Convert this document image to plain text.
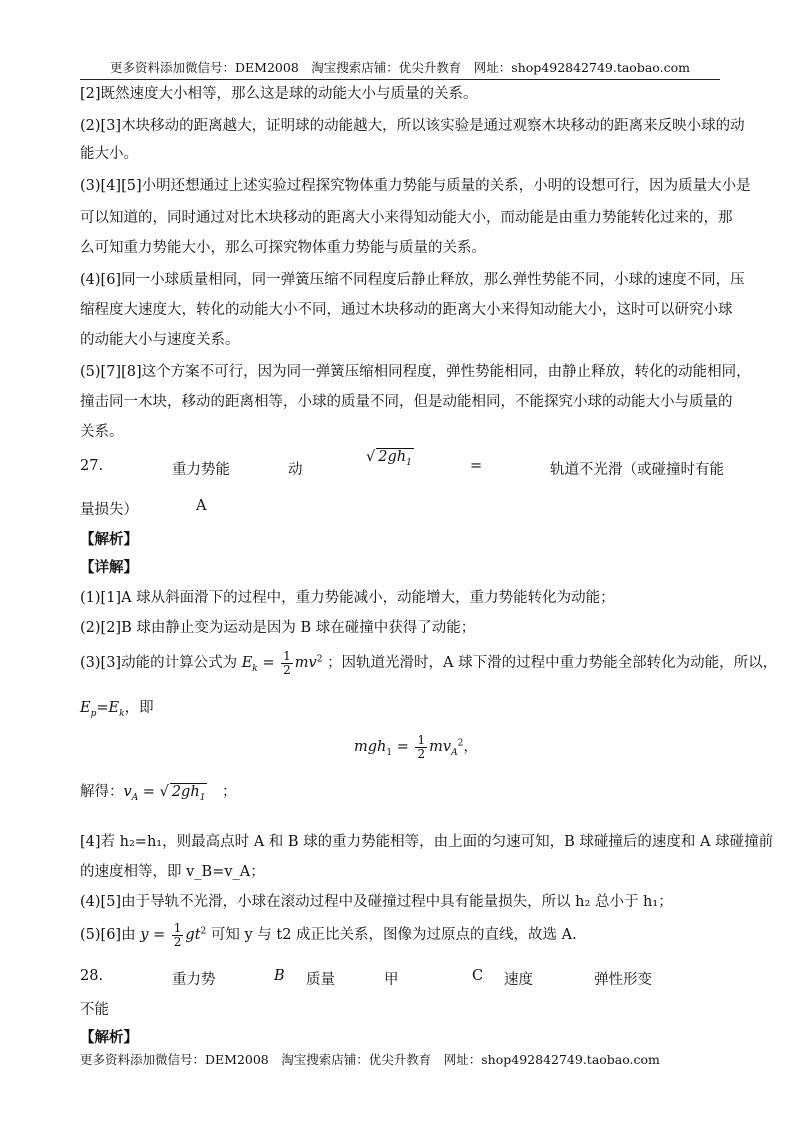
更多资料添加微信号：DEM2008　淘宝搜索店铺：优尖升教育　网址：shop492842749.taobao.com
[2]既然速度大小相等，那么这是球的动能大小与质量的关系。
(2)[3]木块移动的距离越大，证明球的动能越大，所以该实验是通过观察木块移动的距离来反映小球的动
能大小。
(3)[4][5]小明还想通过上述实验过程探究物体重力势能与质量的关系，小明的设想可行，因为质量大小是
可以知道的，同时通过对比木块移动的距离大小来得知动能大小，而动能是由重力势能转化过来的，那
么可知重力势能大小，那么可探究物体重力势能与质量的关系。
(4)[6]同一小球质量相同，同一弹簧压缩不同程度后静止释放，那么弹性势能不同，小球的速度不同，压
缩程度大速度大，转化的动能大小不同，通过木块移动的距离大小来得知动能大小，这时可以研究小球
的动能大小与速度关系。
(5)[7][8]这个方案不可行，因为同一弹簧压缩相同程度，弹性势能相同，由静止释放，转化的动能相同，
撞击同一木块，移动的距离相等，小球的质量不同，但是动能相同，不能探究小球的动能大小与质量的
关系。
27.	重力势能	动
√ $2gh_1$	=	轨道不光滑（或碰撞时有能
量损失）	A
【解析】
【详解】
(1)[1]A 球从斜面滑下的过程中，重力势能减小，动能增大，重力势能转化为动能；
(2)[2]B 球由静止变为运动是因为 B 球在碰撞中获得了动能；
(3)[3]动能的计算公式为 $E_k = \frac{1}{2} mv^2$ ；因轨道光滑时，A 球下滑的过程中重力势能全部转化为动能，所以，
$E_p=E_k$，即
$mgh_1 = \frac{1}{2} mv_A^2$，
解得：$v_A$ = √ $2gh_1$ ；
[4]若 h₂=h₁，则最高点时 A 和 B 球的重力势能相等，由上面的匀速可知，B 球碰撞后的速度和 A 球碰撞前
的速度相等，即 v_B=v_A；
(4)[5]由于导轨不光滑，小球在滚动过程中及碰撞过程中具有能量损失，所以 h₂ 总小于 h₁；
(5)[6]由 $y = \frac{1}{2} gt^2$ 可知 y 与 t2 成正比关系，图像为过原点的直线，故选 A.
28.	重力势	B 质量	甲	C 速度	弹性形变
不能
【解析】
更多资料添加微信号：DEM2008　淘宝搜索店铺：优尖升教育　网址：shop492842749.taobao.com
